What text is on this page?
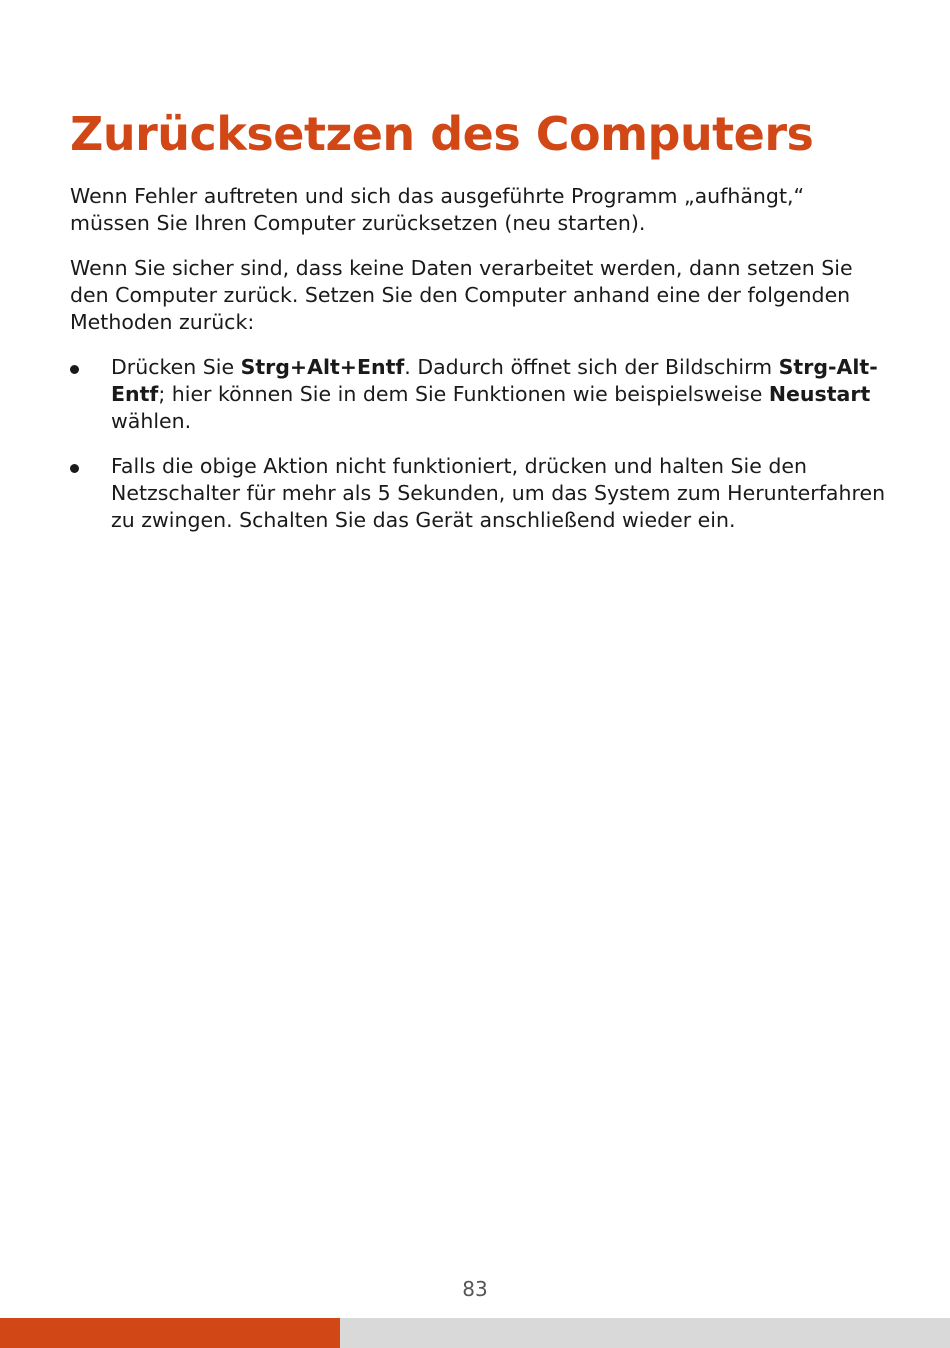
Zurücksetzen des Computers

Wenn Fehler auftreten und sich das ausgeführte Programm „aufhängt,“ müssen Sie Ihren Computer zurücksetzen (neu starten).

Wenn Sie sicher sind, dass keine Daten verarbeitet werden, dann setzen Sie den Computer zurück. Setzen Sie den Computer anhand eine der folgenden Methoden zurück:

Drücken Sie Strg+Alt+Entf. Dadurch öffnet sich der Bildschirm Strg-Alt-Entf; hier können Sie in dem Sie Funktionen wie beispielsweise Neustart wählen.
Falls die obige Aktion nicht funktioniert, drücken und halten Sie den Netzschalter für mehr als 5 Sekunden, um das System zum Herunterfahren zu zwingen. Schalten Sie das Gerät anschließend wieder ein.
83
